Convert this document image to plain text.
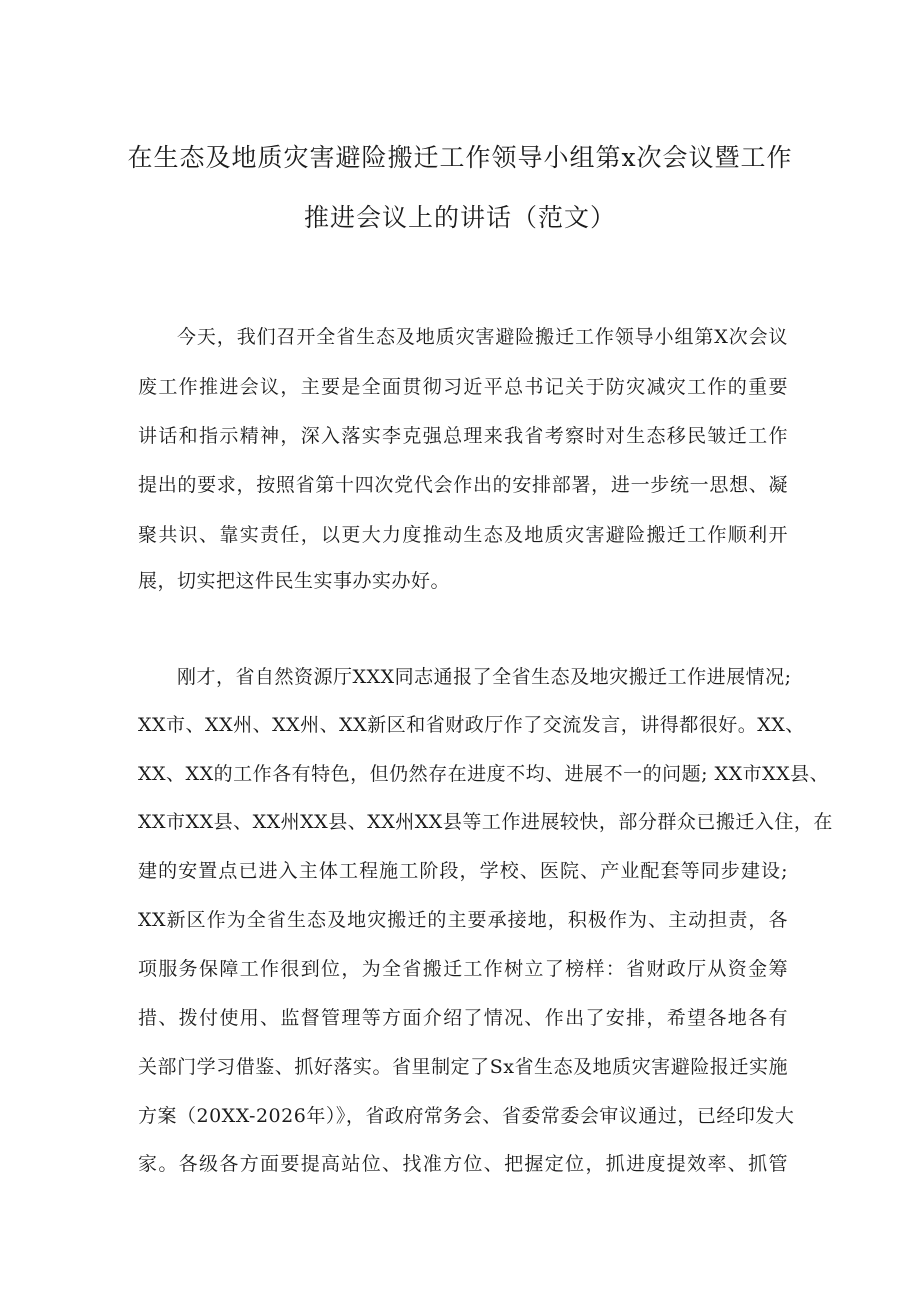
在生态及地质灾害避险搬迁工作领导小组第x次会议暨工作
推进会议上的讲话（范文）
今天，我们召开全省生态及地质灾害避险搬迁工作领导小组第X次会议
废工作推进会议，主要是全面贯彻习近平总书记关于防灾减灾工作的重要
讲话和指示精神，深入落实李克强总理来我省考察时对生态移民皱迁工作
提出的要求，按照省第十四次党代会作出的安排部署，进一步统一思想、凝
聚共识、靠实责任，以更大力度推动生态及地质灾害避险搬迁工作顺利开
展，切实把这件民生实事办实办好。
刚才，省自然资源厅XXX同志通报了全省生态及地灾搬迁工作进展情况;
XX市、XX州、XX州、XX新区和省财政厅作了交流发言，讲得都很好。XX、
XX、XX的工作各有特色，但仍然存在进度不均、进展不一的问题; XX市XX县、
XX市XX县、XX州XX县、XX州XX县等工作进展较快，部分群众已搬迁入住，在
建的安置点已进入主体工程施工阶段，学校、医院、产业配套等同步建设;
XX新区作为全省生态及地灾搬迁的主要承接地，积极作为、主动担责，各
项服务保障工作很到位，为全省搬迁工作树立了榜样：省财政厅从资金筹
措、拨付使用、监督管理等方面介绍了情况、作出了安排，希望各地各有
关部门学习借鉴、抓好落实。省里制定了Sx省生态及地质灾害避险报迁实施
方案（20XX-2026年）》，省政府常务会、省委常委会审议通过，已经印发大
家。各级各方面要提高站位、找准方位、把握定位，抓进度提效率、抓管
